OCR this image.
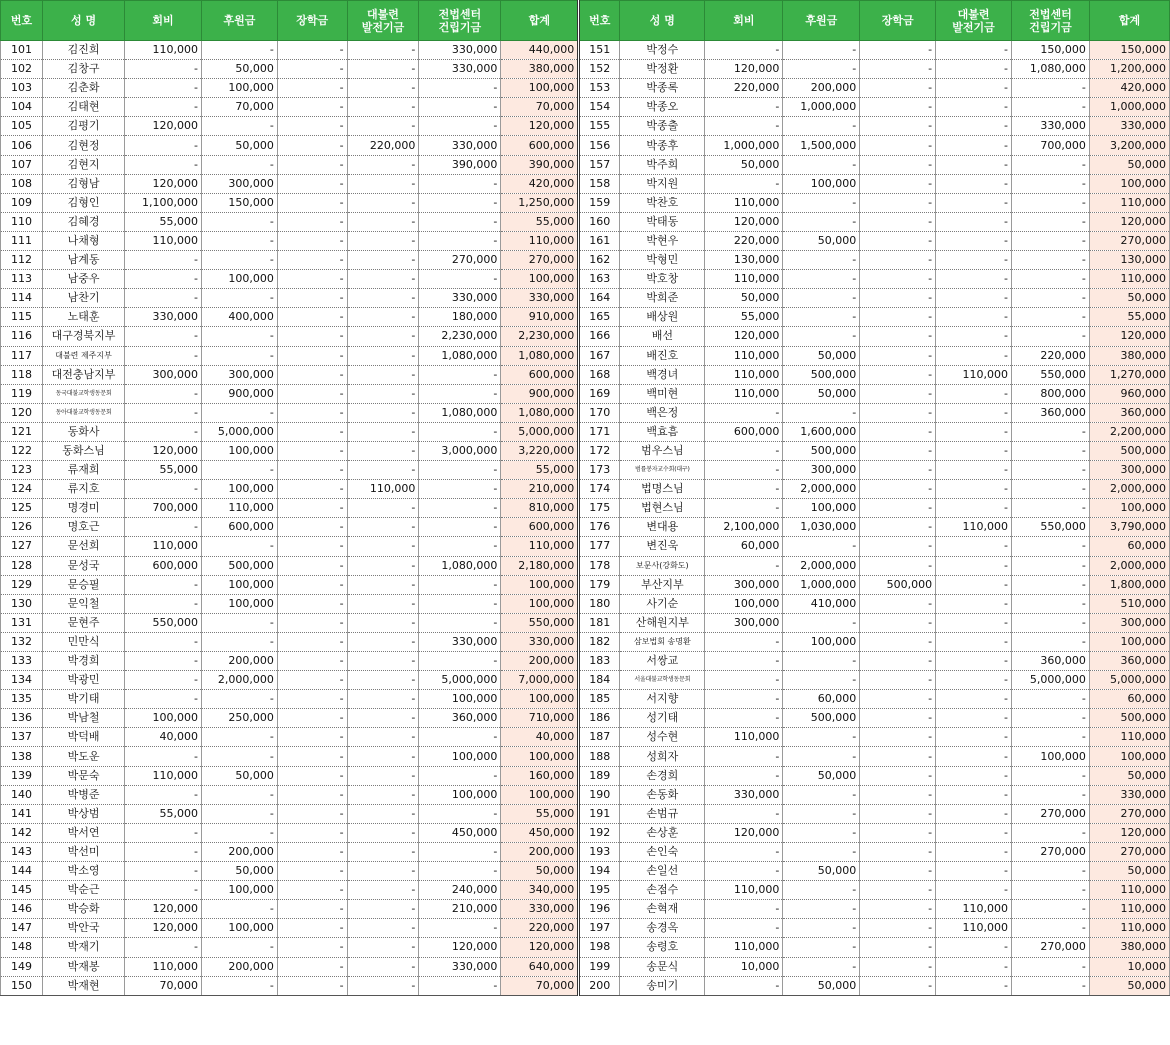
번호	성 명	회비	후원금	장학금	대불련
발전기금	전법센터
건립기금	합계	번호	성 명	회비	후원금	장학금	대불련
발전기금	전법센터
건립기금	합계
101	김진희	110,000	-	-	-	330,000	440,000	151	박정수	-	-	-	-	150,000	150,000
102	김창구	-	50,000	-	-	330,000	380,000	152	박정환	120,000	-	-	-	1,080,000	1,200,000
103	김춘화	-	100,000	-	-	-	100,000	153	박종록	220,000	200,000	-	-	-	420,000
104	김태현	-	70,000	-	-	-	70,000	154	박종오	-	1,000,000	-	-	-	1,000,000
105	김평기	120,000	-	-	-	-	120,000	155	박종출	-	-	-	-	330,000	330,000
106	김현정	-	50,000	-	220,000	330,000	600,000	156	박종후	1,000,000	1,500,000	-	-	700,000	3,200,000
107	김현지	-	-	-	-	390,000	390,000	157	박주희	50,000	-	-	-	-	50,000
108	김형남	120,000	300,000	-	-	-	420,000	158	박지원	-	100,000	-	-	-	100,000
109	김형인	1,100,000	150,000	-	-	-	1,250,000	159	박찬호	110,000	-	-	-	-	110,000
110	김혜경	55,000	-	-	-	-	55,000	160	박태동	120,000	-	-	-	-	120,000
111	나채형	110,000	-	-	-	-	110,000	161	박현우	220,000	50,000	-	-	-	270,000
112	남계동	-	-	-	-	270,000	270,000	162	박형민	130,000	-	-	-	-	130,000
113	남중우	-	100,000	-	-	-	100,000	163	박호창	110,000	-	-	-	-	110,000
114	남찬기	-	-	-	-	330,000	330,000	164	박희준	50,000	-	-	-	-	50,000
115	노태훈	330,000	400,000	-	-	180,000	910,000	165	배상원	55,000	-	-	-	-	55,000
116	대구경북지부	-	-	-	-	2,230,000	2,230,000	166	배선	120,000	-	-	-	-	120,000
117	대불련 제주지부	-	-	-	-	1,080,000	1,080,000	167	배진호	110,000	50,000	-	-	220,000	380,000
118	대전충남지부	300,000	300,000	-	-	-	600,000	168	백경녀	110,000	500,000	-	110,000	550,000	1,270,000
119	동국대불교학생동문회	-	900,000	-	-	-	900,000	169	백미현	110,000	50,000	-	-	800,000	960,000
120	동아대불교학생동문회	-	-	-	-	1,080,000	1,080,000	170	백은정	-	-	-	-	360,000	360,000
121	동화사	-	5,000,000	-	-	-	5,000,000	171	백효흠	600,000	1,600,000	-	-	-	2,200,000
122	동화스님	120,000	100,000	-	-	3,000,000	3,220,000	172	범우스님	-	500,000	-	-	-	500,000
123	류재희	55,000	-	-	-	-	55,000	173	범률봉자교수회(대구)	-	300,000	-	-	-	300,000
124	류지호	-	100,000	-	110,000	-	210,000	174	법명스님	-	2,000,000	-	-	-	2,000,000
125	명경미	700,000	110,000	-	-	-	810,000	175	법현스님	-	100,000	-	-	-	100,000
126	명호근	-	600,000	-	-	-	600,000	176	변대용	2,100,000	1,030,000	-	110,000	550,000	3,790,000
127	문선희	110,000	-	-	-	-	110,000	177	변진욱	60,000	-	-	-	-	60,000
128	문성국	600,000	500,000	-	-	1,080,000	2,180,000	178	보문사(강화도)	-	2,000,000	-	-	-	2,000,000
129	문승필	-	100,000	-	-	-	100,000	179	부산지부	300,000	1,000,000	500,000	-	-	1,800,000
130	문익철	-	100,000	-	-	-	100,000	180	사기순	100,000	410,000	-	-	-	510,000
131	문현주	550,000	-	-	-	-	550,000	181	산해원지부	300,000	-	-	-	-	300,000
132	민만식	-	-	-	-	330,000	330,000	182	삼보법회 송명환	-	100,000	-	-	-	100,000
133	박경희	-	200,000	-	-	-	200,000	183	서쌍교	-	-	-	-	360,000	360,000
134	박광민	-	2,000,000	-	-	5,000,000	7,000,000	184	서울대불교학생동문회	-	-	-	-	5,000,000	5,000,000
135	박기태	-	-	-	-	100,000	100,000	185	서지향	-	60,000	-	-	-	60,000
136	박남철	100,000	250,000	-	-	360,000	710,000	186	성기태	-	500,000	-	-	-	500,000
137	박덕배	40,000	-	-	-	-	40,000	187	성수현	110,000	-	-	-	-	110,000
138	박도운	-	-	-	-	100,000	100,000	188	성희자	-	-	-	-	100,000	100,000
139	박문숙	110,000	50,000	-	-	-	160,000	189	손경희	-	50,000	-	-	-	50,000
140	박병준	-	-	-	-	100,000	100,000	190	손동화	330,000	-	-	-	-	330,000
141	박상범	55,000	-	-	-	-	55,000	191	손범규	-	-	-	-	270,000	270,000
142	박서연	-	-	-	-	450,000	450,000	192	손상훈	120,000	-	-	-	-	120,000
143	박선미	-	200,000	-	-	-	200,000	193	손인숙	-	-	-	-	270,000	270,000
144	박소영	-	50,000	-	-	-	50,000	194	손일선	-	50,000	-	-	-	50,000
145	박순근	-	100,000	-	-	240,000	340,000	195	손점수	110,000	-	-	-	-	110,000
146	박승화	120,000	-	-	-	210,000	330,000	196	손혁재	-	-	-	110,000	-	110,000
147	박안국	120,000	100,000	-	-	-	220,000	197	송경옥	-	-	-	110,000	-	110,000
148	박재기	-	-	-	-	120,000	120,000	198	송령호	110,000	-	-	-	270,000	380,000
149	박재봉	110,000	200,000	-	-	330,000	640,000	199	송문식	10,000	-	-	-	-	10,000
150	박재현	70,000	-	-	-	-	70,000	200	송미기	-	50,000	-	-	-	50,000
